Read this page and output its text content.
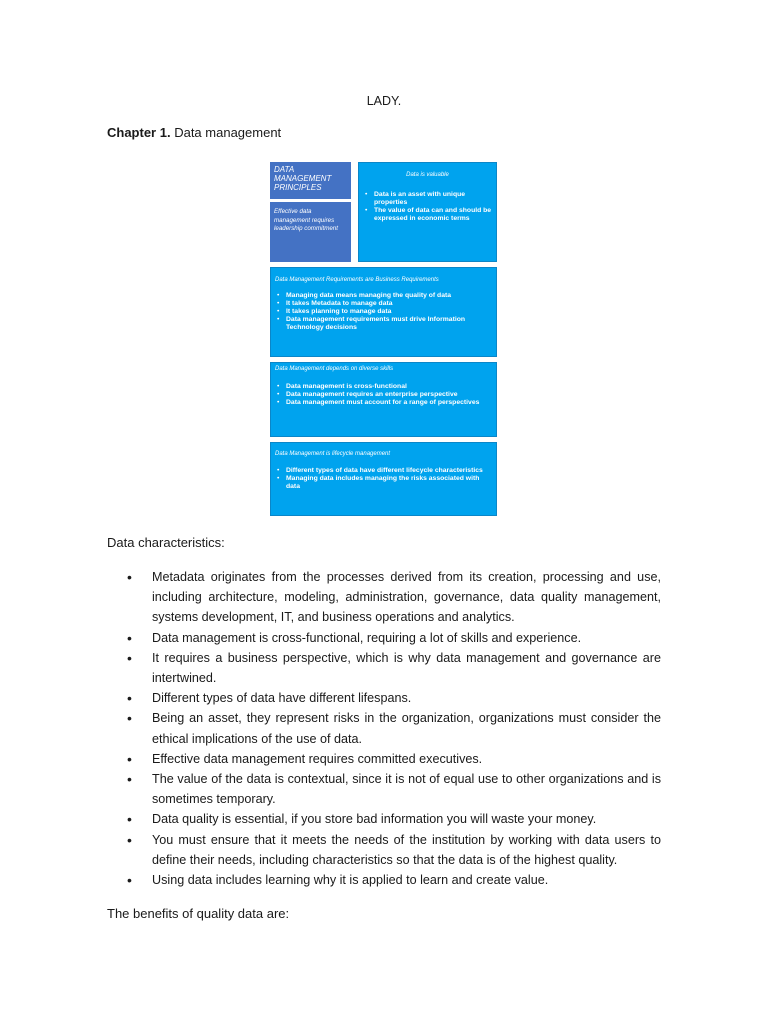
LADY.
Chapter 1. Data management
DATA MANAGEMENT PRINCIPLES
Effective data management requires leadership commitment
Data is valuable
• Data is an asset with unique properties
• The value of data can and should be expressed in economic terms
Data Management Requirements are Business Requirements
• Managing data means managing the quality of data
• It takes Metadata to manage data
• It takes planning to manage data
• Data management requirements must drive Information Technology decisions
Data Management depends on diverse skills
• Data management is cross-functional
• Data management requires an enterprise perspective
• Data management must account for a range of perspectives
Data Management is lifecycle management
• Different types of data have different lifecycle characteristics
• Managing data includes managing the risks associated with data
Data characteristics:
• Metadata originates from the processes derived from its creation, processing and use, including architecture, modeling, administration, governance, data quality management, systems development, IT, and business operations and analytics.
• Data management is cross-functional, requiring a lot of skills and experience.
• It requires a business perspective, which is why data management and governance are intertwined.
• Different types of data have different lifespans.
• Being an asset, they represent risks in the organization, organizations must consider the ethical implications of the use of data.
• Effective data management requires committed executives.
• The value of the data is contextual, since it is not of equal use to other organizations and is sometimes temporary.
• Data quality is essential, if you store bad information you will waste your money.
• You must ensure that it meets the needs of the institution by working with data users to define their needs, including characteristics so that the data is of the highest quality.
• Using data includes learning why it is applied to learn and create value.
The benefits of quality data are:
